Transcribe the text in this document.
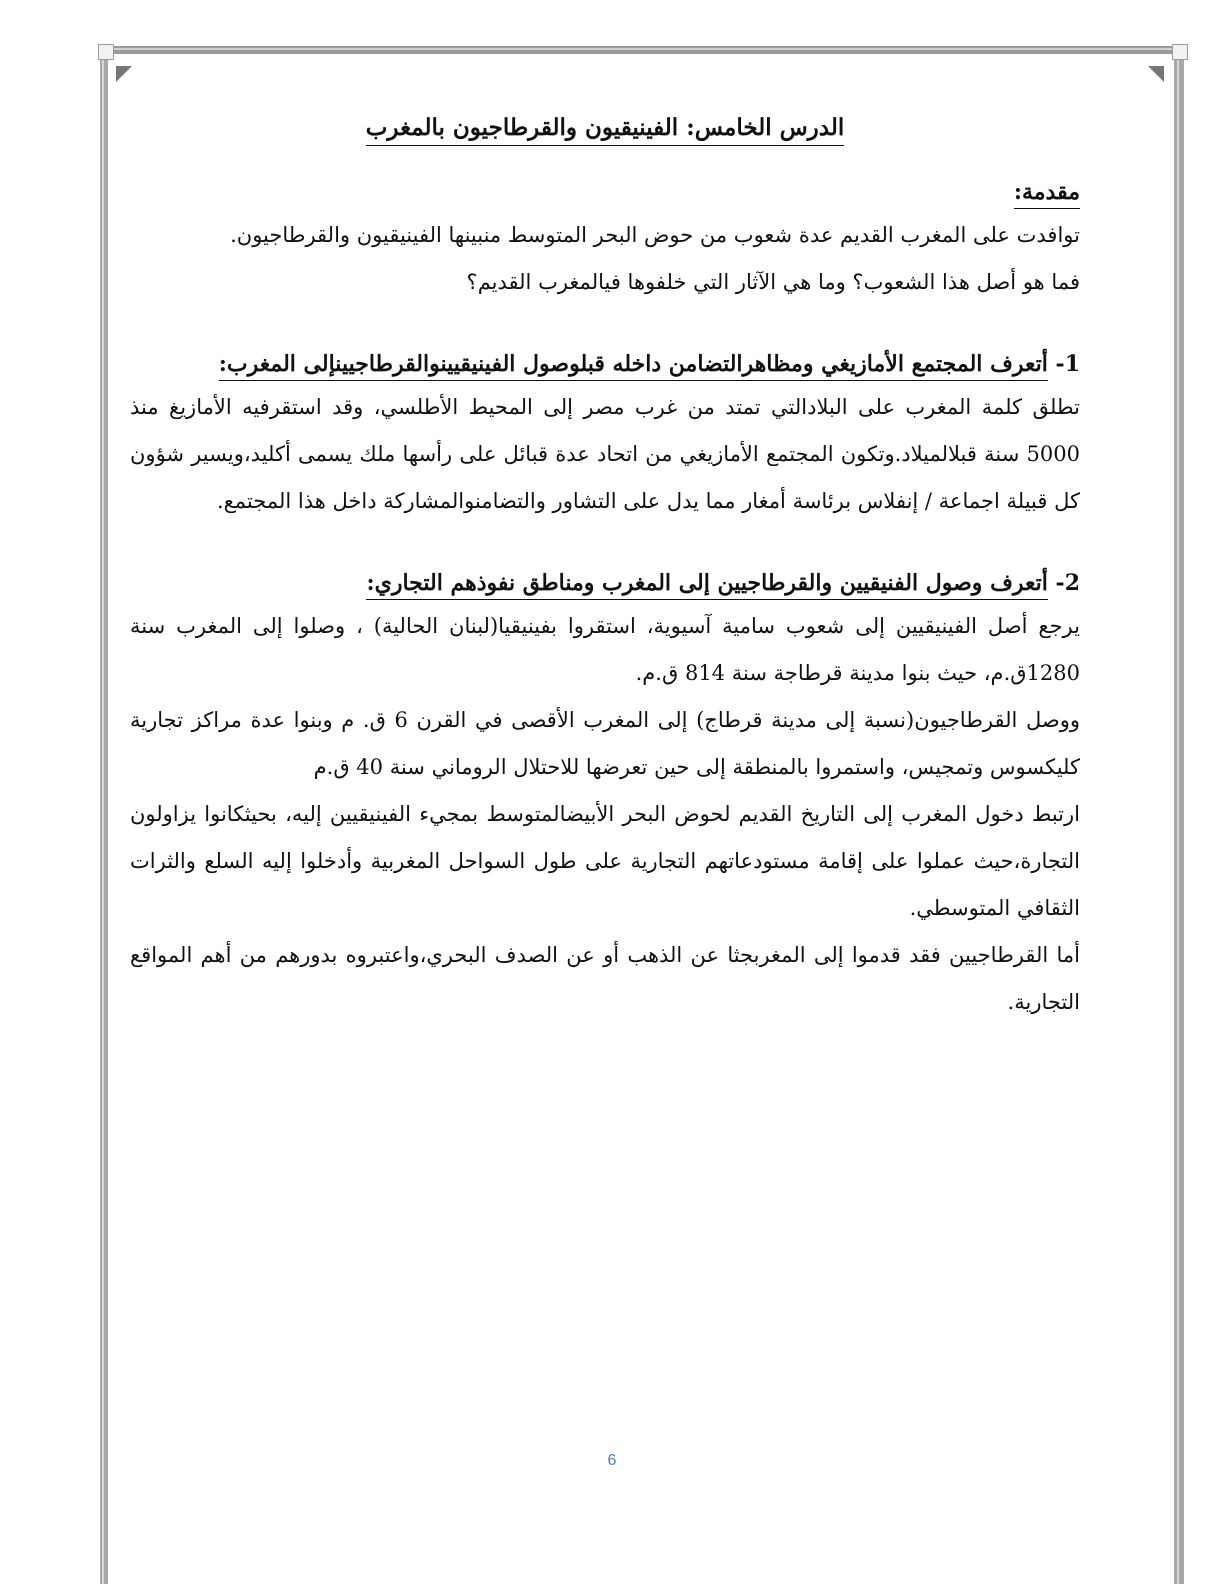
الدرس الخامس: الفينيقيون والقرطاجيون بالمغرب
مقدمة:

توافدت على المغرب القديم عدة شعوب من حوض البحر المتوسط منبينها الفينيقيون والقرطاجيون.

فما هو أصل هذا الشعوب؟ وما هي الآثار التي خلفوها فيالمغرب القديم؟

1- أتعرف المجتمع الأمازيغي ومظاهرالتضامن داخله قبلوصول الفينيقيينوالقرطاجيينإلى المغرب:

تطلق كلمة المغرب على البلادالتي تمتد من غرب مصر إلى المحيط الأطلسي، وقد استقرفيه الأمازيغ منذ 5000 سنة قبلالميلاد.وتكون المجتمع الأمازيغي من اتحاد عدة قبائل على رأسها ملك يسمى أكليد،ويسير شؤون كل قبيلة اجماعة / إنفلاس برئاسة أمغار مما يدل على التشاور والتضامنوالمشاركة داخل هذا المجتمع.

2- أتعرف وصول الفنيقيين والقرطاجيين إلى المغرب ومناطق نفوذهم التجاري:

يرجع أصل الفينيقيين إلى شعوب سامية آسيوية، استقروا بفينيقيا(لبنان الحالية) ، وصلوا إلى المغرب سنة 1280ق.م، حيث بنوا مدينة قرطاجة سنة 814 ق.م.

ووصل القرطاجيون(نسبة إلى مدينة قرطاج) إلى المغرب الأقصى في القرن 6 ق. م وبنوا عدة مراكز تجارية كليكسوس وتمجيس، واستمروا بالمنطقة إلى حين تعرضها للاحتلال الروماني سنة 40 ق.م

ارتبط دخول المغرب إلى التاريخ القديم لحوض البحر الأبيضالمتوسط بمجيء الفينيقيين إليه، بحيثكانوا يزاولون التجارة،حيث عملوا على إقامة مستودعاتهم التجارية على طول السواحل المغربية وأدخلوا إليه السلع والثرات الثقافي المتوسطي.

أما القرطاجيين فقد قدموا إلى المغربجثا عن الذهب أو عن الصدف البحري،واعتبروه بدورهم من أهم المواقع التجارية.

6
